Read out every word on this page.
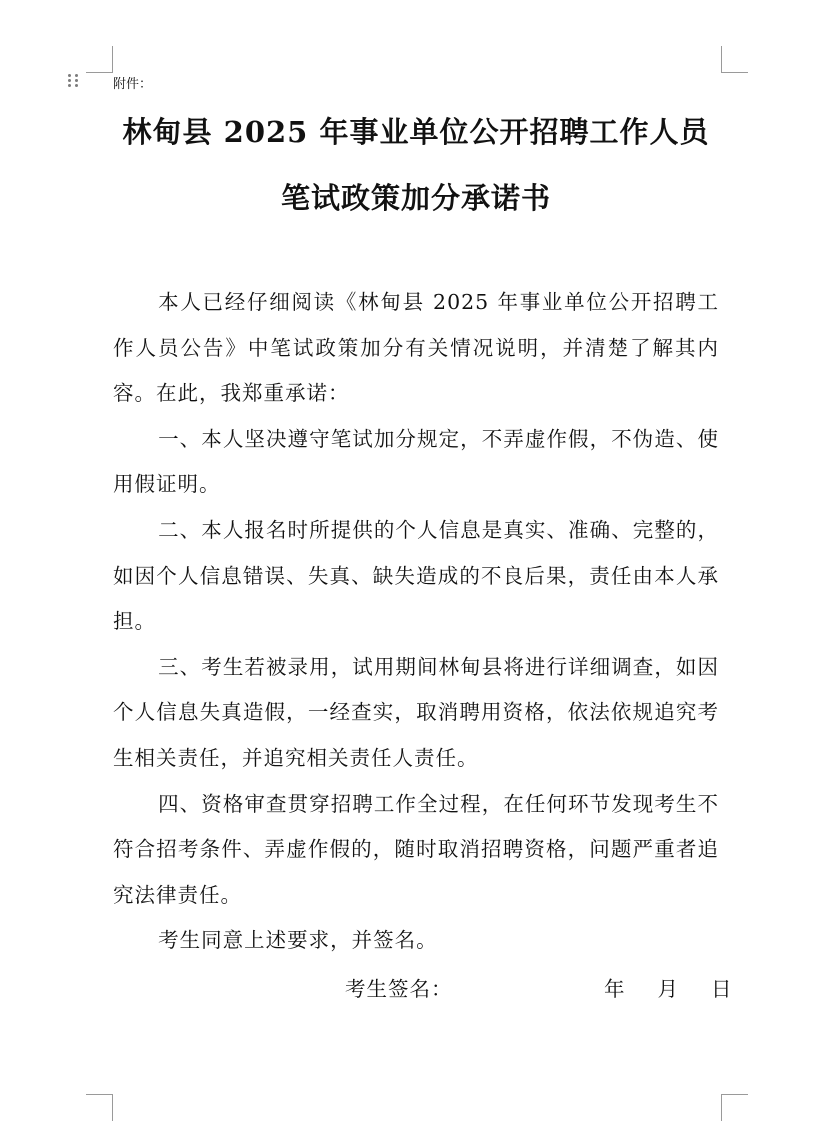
附件：
林甸县 2025 年事业单位公开招聘工作人员
笔试政策加分承诺书

本人已经仔细阅读《林甸县 2025 年事业单位公开招聘工作人员公告》中笔试政策加分有关情况说明，并清楚了解其内容。在此，我郑重承诺：

一、本人坚决遵守笔试加分规定，不弄虚作假，不伪造、使用假证明。

二、本人报名时所提供的个人信息是真实、准确、完整的，如因个人信息错误、失真、缺失造成的不良后果，责任由本人承担。

三、考生若被录用，试用期间林甸县将进行详细调查，如因个人信息失真造假，一经查实，取消聘用资格，依法依规追究考生相关责任，并追究相关责任人责任。

四、资格审查贯穿招聘工作全过程，在任何环节发现考生不符合招考条件、弄虚作假的，随时取消招聘资格，问题严重者追究法律责任。

考生同意上述要求，并签名。

考生签名：	年 月 日
